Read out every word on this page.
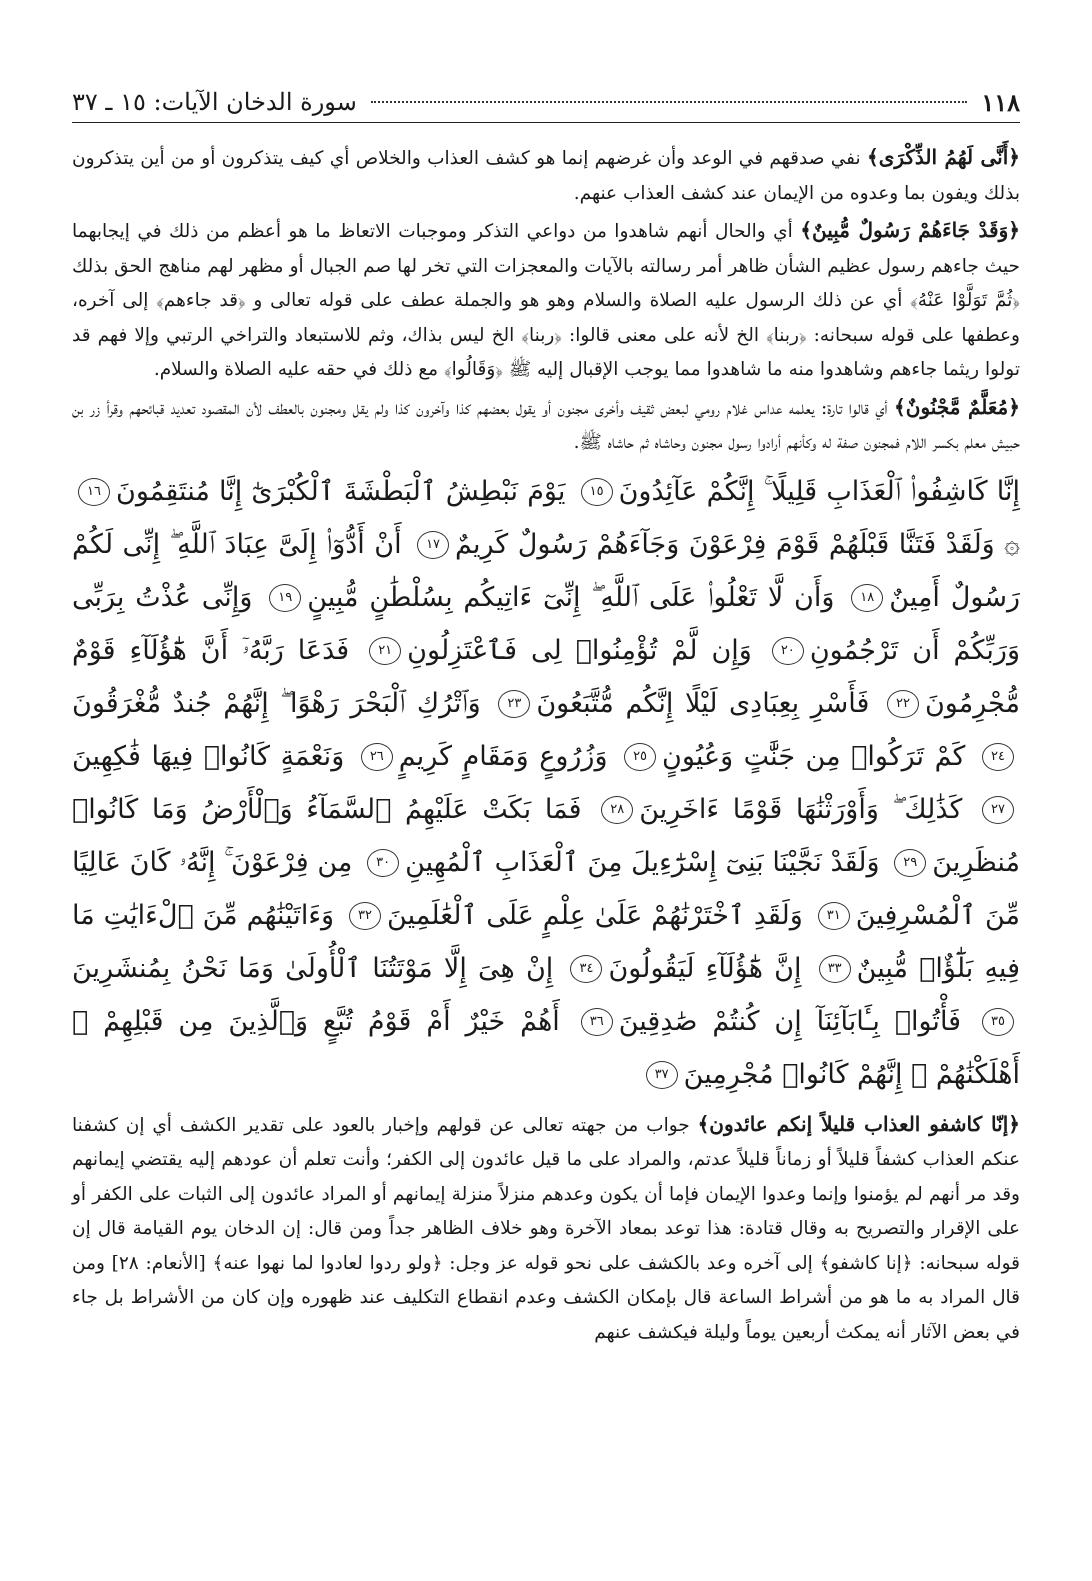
١١٨
سورة الدخان الآيات: ١٥ ـ ٣٧

﴿أَنَّى لَهُمُ الذِّكْرَى﴾ نفي صدقهم في الوعد وأن غرضهم إنما هو كشف العذاب والخلاص أي كيف يتذكرون أو من أين يتذكرون بذلك ويفون بما وعدوه من الإيمان عند كشف العذاب عنهم.

﴿وَقَدْ جَاءَهُمْ رَسُولٌ مُّبِينٌ﴾ أي والحال أنهم شاهدوا من دواعي التذكر وموجبات الاتعاظ ما هو أعظم من ذلك في إيجابهما حيث جاءهم رسول عظيم الشأن ظاهر أمر رسالته بالآيات والمعجزات التي تخر لها صم الجبال أو مظهر لهم مناهج الحق بذلك ﴿ثُمَّ تَوَلَّوْا عَنْهُ﴾ أي عن ذلك الرسول عليه الصلاة والسلام وهو هو والجملة عطف على قوله تعالى و ﴿قد جاءهم﴾ إلى آخره، وعطفها على قوله سبحانه: ﴿ربنا﴾ الخ لأنه على معنى قالوا: ﴿ربنا﴾ الخ ليس بذاك، وثم للاستبعاد والتراخي الرتبي وإلا فهم قد تولوا ريثما جاءهم وشاهدوا منه ما شاهدوا مما يوجب الإقبال إليه ﷺ ﴿وَقَالُوا﴾ مع ذلك في حقه عليه الصلاة والسلام.

﴿مُعَلَّمٌ مَّجْنُونٌ﴾ أي قالوا تارة: يعلمه عداس غلام رومي لبعض ثقيف وأخرى مجنون أو يقول بعضهم كذا وآخرون كذا ولم يقل ومجنون بالعطف لأن المقصود تعديد قبائحهم وقرأ زر بن حبيش معلم بكسر اللام فمجنون صفة له وكأنهم أرادوا رسول مجنون وحاشاه ثم حاشاه ﷺ.

إِنَّا كَاشِفُوا۟ ٱلْعَذَابِ قَلِيلًا ۚ إِنَّكُمْ عَآئِدُونَ١٥ يَوْمَ نَبْطِشُ ٱلْبَطْشَةَ ٱلْكُبْرَىٰٓ إِنَّا مُنتَقِمُونَ١٦ ۞ وَلَقَدْ فَتَنَّا قَبْلَهُمْ قَوْمَ فِرْعَوْنَ وَجَآءَهُمْ رَسُولٌ كَرِيمٌ١٧ أَنْ أَدُّوٓا۟ إِلَىَّ عِبَادَ ٱللَّهِ ۖ إِنِّى لَكُمْ رَسُولٌ أَمِينٌ١٨ وَأَن لَّا تَعْلُوا۟ عَلَى ٱللَّهِ ۖ إِنِّىٓ ءَاتِيكُم بِسُلْطَٰنٍ مُّبِينٍ١٩ وَإِنِّى عُذْتُ بِرَبِّى وَرَبِّكُمْ أَن تَرْجُمُونِ٢٠ وَإِن لَّمْ تُؤْمِنُوا۟ لِى فَٱعْتَزِلُونِ٢١ فَدَعَا رَبَّهُۥٓ أَنَّ هَٰٓؤُلَآءِ قَوْمٌ مُّجْرِمُونَ٢٢ فَأَسْرِ بِعِبَادِى لَيْلًا إِنَّكُم مُّتَّبَعُونَ٢٣ وَٱتْرُكِ ٱلْبَحْرَ رَهْوًا ۖ إِنَّهُمْ جُندٌ مُّغْرَقُونَ٢٤ كَمْ تَرَكُوا۟ مِن جَنَّٰتٍ وَعُيُونٍ٢٥ وَزُرُوعٍ وَمَقَامٍ كَرِيمٍ٢٦ وَنَعْمَةٍ كَانُوا۟ فِيهَا فَٰكِهِينَ٢٧ كَذَٰلِكَ ۖ وَأَوْرَثْنَٰهَا قَوْمًا ءَاخَرِينَ٢٨ فَمَا بَكَتْ عَلَيْهِمُ ٱلسَّمَآءُ وَٱلْأَرْضُ وَمَا كَانُوا۟ مُنظَرِينَ٢٩ وَلَقَدْ نَجَّيْنَا بَنِىٓ إِسْرَٰٓءِيلَ مِنَ ٱلْعَذَابِ ٱلْمُهِينِ٣٠ مِن فِرْعَوْنَ ۚ إِنَّهُۥ كَانَ عَالِيًا مِّنَ ٱلْمُسْرِفِينَ٣١ وَلَقَدِ ٱخْتَرْنَٰهُمْ عَلَىٰ عِلْمٍ عَلَى ٱلْعَٰلَمِينَ٣٢ وَءَاتَيْنَٰهُم مِّنَ ٱلْءَايَٰتِ مَا فِيهِ بَلَٰٓؤٌا۟ مُّبِينٌ٣٣ إِنَّ هَٰٓؤُلَآءِ لَيَقُولُونَ٣٤ إِنْ هِىَ إِلَّا مَوْتَتُنَا ٱلْأُولَىٰ وَمَا نَحْنُ بِمُنشَرِينَ٣٥ فَأْتُوا۟ بِـَٔابَآئِنَآ إِن كُنتُمْ صَٰدِقِينَ٣٦ أَهُمْ خَيْرٌ أَمْ قَوْمُ تُبَّعٍ وَٱلَّذِينَ مِن قَبْلِهِمْ ۚ أَهْلَكْنَٰهُمْ ۖ إِنَّهُمْ كَانُوا۟ مُجْرِمِينَ٣٧

﴿إنّا كاشفو العذاب قليلاً إنكم عائدون﴾ جواب من جهته تعالى عن قولهم وإخبار بالعود على تقدير الكشف أي إن كشفنا عنكم العذاب كشفاً قليلاً أو زماناً قليلاً عدتم، والمراد على ما قيل عائدون إلى الكفر؛ وأنت تعلم أن عودهم إليه يقتضي إيمانهم وقد مر أنهم لم يؤمنوا وإنما وعدوا الإيمان فإما أن يكون وعدهم منزلاً منزلة إيمانهم أو المراد عائدون إلى الثبات على الكفر أو على الإقرار والتصريح به وقال قتادة: هذا توعد بمعاد الآخرة وهو خلاف الظاهر جداً ومن قال: إن الدخان يوم القيامة قال إن قوله سبحانه: ﴿إنا كاشفو﴾ إلى آخره وعد بالكشف على نحو قوله عز وجل: ﴿ولو ردوا لعادوا لما نهوا عنه﴾ [الأنعام: ٢٨] ومن قال المراد به ما هو من أشراط الساعة قال بإمكان الكشف وعدم انقطاع التكليف عند ظهوره وإن كان من الأشراط بل جاء في بعض الآثار أنه يمكث أربعين يوماً وليلة فيكشف عنهم
